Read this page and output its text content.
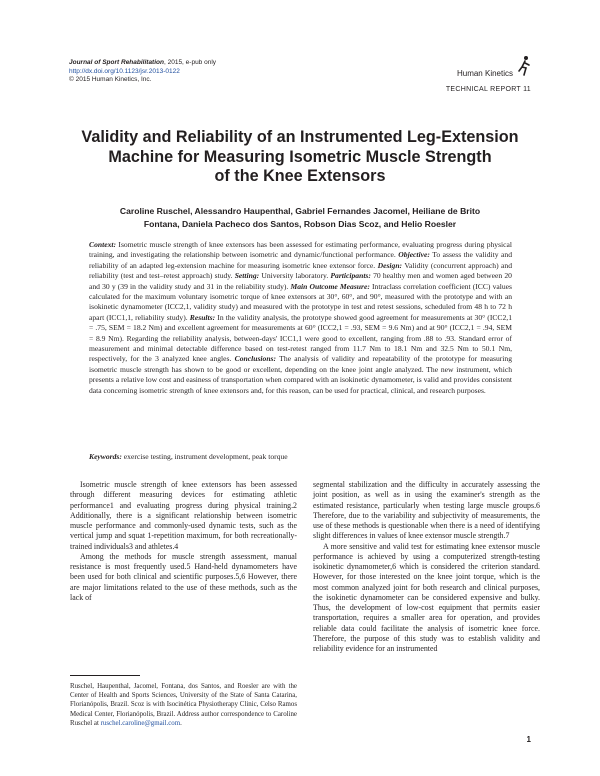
Journal of Sport Rehabilitation, 2015, e-pub only
http://dx.doi.org/10.1123/jsr.2013-0122
© 2015 Human Kinetics, Inc.
Human Kinetics
TECHNICAL REPORT 11
Validity and Reliability of an Instrumented Leg-Extension
Machine for Measuring Isometric Muscle Strength
of the Knee Extensors
Caroline Ruschel, Alessandro Haupenthal, Gabriel Fernandes Jacomel, Heiliane de Brito
Fontana, Daniela Pacheco dos Santos, Robson Dias Scoz, and Helio Roesler
Context: Isometric muscle strength of knee extensors has been assessed for estimating performance, evaluating progress during physical training, and investigating the relationship between isometric and dynamic/functional performance. Objective: To assess the validity and reliability of an adapted leg-extension machine for measuring isometric knee extensor force. Design: Validity (concurrent approach) and reliability (test and test–retest approach) study. Setting: University laboratory. Participants: 70 healthy men and women aged between 20 and 30 y (39 in the validity study and 31 in the reliability study). Main Outcome Measure: Intraclass correlation coefficient (ICC) values calculated for the maximum voluntary isometric torque of knee extensors at 30°, 60°, and 90°, measured with the prototype and with an isokinetic dynamometer (ICC2,1, validity study) and measured with the prototype in test and retest sessions, scheduled from 48 h to 72 h apart (ICC1,1, reliability study). Results: In the validity analysis, the prototype showed good agreement for measurements at 30° (ICC2,1 = .75, SEM = 18.2 Nm) and excellent agreement for measurements at 60° (ICC2,1 = .93, SEM = 9.6 Nm) and at 90° (ICC2,1 = .94, SEM = 8.9 Nm). Regarding the reliability analysis, between-days' ICC1,1 were good to excellent, ranging from .88 to .93. Standard error of measurement and minimal detectable difference based on test-retest ranged from 11.7 Nm to 18.1 Nm and 32.5 Nm to 50.1 Nm, respectively, for the 3 analyzed knee angles. Conclusions: The analysis of validity and repeatability of the prototype for measuring isometric muscle strength has shown to be good or excellent, depending on the knee joint angle analyzed. The new instrument, which presents a relative low cost and easiness of transportation when compared with an isokinetic dynamometer, is valid and provides consistent data concerning isometric strength of knee extensors and, for this reason, can be used for practical, clinical, and research purposes.
Keywords: exercise testing, instrument development, peak torque

Isometric muscle strength of knee extensors has been assessed through different measuring devices for estimating athletic performance1 and evaluating progress during physical training.2 Additionally, there is a significant relationship between isometric muscle performance and commonly-used dynamic tests, such as the vertical jump and squat 1-repetition maximum, for both recreationally-trained individuals3 and athletes.4

Among the methods for muscle strength assessment, manual resistance is most frequently used.5 Hand-held dynamometers have been used for both clinical and scientific purposes.5,6 However, there are major limitations related to the use of these methods, such as the lack of

segmental stabilization and the difficulty in accurately assessing the joint position, as well as in using the examiner's strength as the estimated resistance, particularly when testing large muscle groups.6 Therefore, due to the variability and subjectivity of measurements, the use of these methods is questionable when there is a need of identifying slight differences in values of knee extensor muscle strength.7

A more sensitive and valid test for estimating knee extensor muscle performance is achieved by using a computerized strength-testing isokinetic dynamometer,6 which is considered the criterion standard. However, for those interested on the knee joint torque, which is the most common analyzed joint for both research and clinical purposes, the isokinetic dynamometer can be considered expensive and bulky. Thus, the development of low-cost equipment that permits easier transportation, requires a smaller area for operation, and provides reliable data could facilitate the analysis of isometric knee force. Therefore, the purpose of this study was to establish validity and reliability evidence for an instrumented

Ruschel, Haupenthal, Jacomel, Fontana, dos Santos, and Roesler are with the Center of Health and Sports Sciences, University of the State of Santa Catarina, Florianópolis, Brazil. Scoz is with Isocinética Physiotherapy Clinic, Celso Ramos Medical Center, Florianópolis, Brazil. Address author correspondence to Caroline Ruschel at ruschel.caroline@gmail.com.
1
